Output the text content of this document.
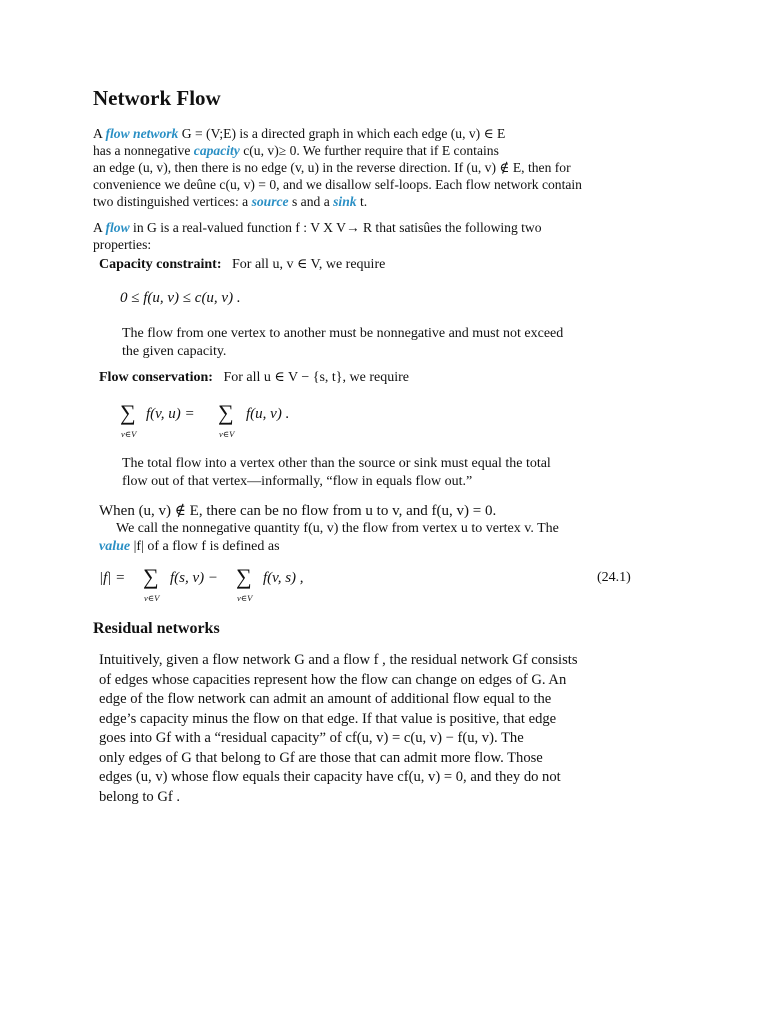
Network Flow

A flow network G = (V;E) is a directed graph in which each edge (u, v) ∈ E
has a nonnegative capacity c(u, v)≥ 0. We further require that if E contains
an edge (u, v), then there is no edge (v, u) in the reverse direction. If (u, v) ∉ E, then for
convenience we deûne c(u, v) = 0, and we disallow self-loops. Each flow network contain
two distinguished vertices: a source s and a sink t.

A flow in G is a real-valued function f : V X V→ R that satisûes the following two
properties:

Capacity constraint: For all u, v ∈ V, we require
0 ≤ f(u, v) ≤ c(u, v) .
The flow from one vertex to another must be nonnegative and must not exceed
the given capacity.
Flow conservation: For all u ∈ V − {s, t}, we require
∑ f(v, u) = ∑ f(u, v) .
v∈V	v∈V
The total flow into a vertex other than the source or sink must equal the total
flow out of that vertex—informally, “flow in equals flow out.”
When (u, v) ∉ E, there can be no flow from u to v, and f(u, v) = 0.
We call the nonnegative quantity f(u, v) the flow from vertex u to vertex v. The
value |f| of a flow f is defined as
|f| = ∑ f(s, v) − ∑ f(v, s) ,
v∈V	v∈V
(24.1)
Residual networks
Intuitively, given a flow network G and a flow f , the residual network Gf consists
of edges whose capacities represent how the flow can change on edges of G. An
edge of the flow network can admit an amount of additional flow equal to the
edge’s capacity minus the flow on that edge. If that value is positive, that edge
goes into Gf with a “residual capacity” of cf(u, v) = c(u, v) − f(u, v). The
only edges of G that belong to Gf are those that can admit more flow. Those
edges (u, v) whose flow equals their capacity have cf(u, v) = 0, and they do not
belong to Gf .
